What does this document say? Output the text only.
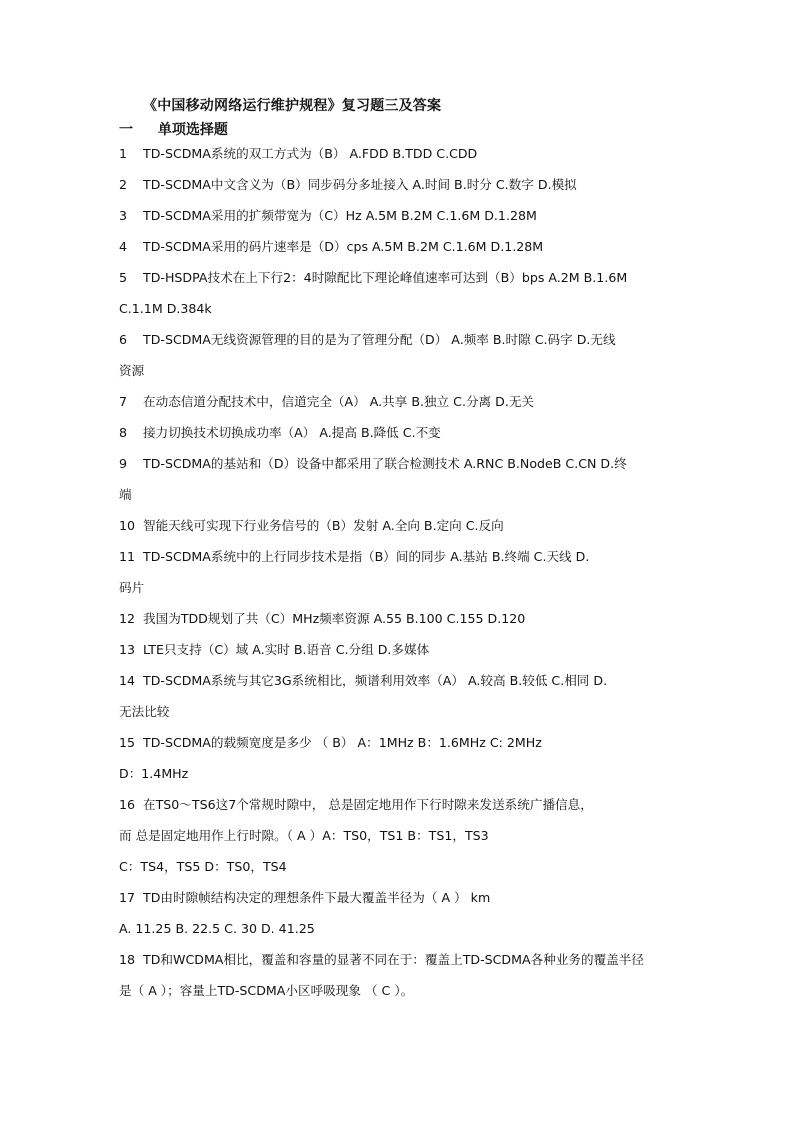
《中国移动网络运行维护规程》复习题三及答案
一 单项选择题
1 TD-SCDMA系统的双工方式为（B） A.FDD B.TDD C.CDD
2 TD-SCDMA中文含义为（B）同步码分多址接入 A.时间 B.时分 C.数字 D.模拟
3 TD-SCDMA采用的扩频带宽为（C）Hz A.5M B.2M C.1.6M D.1.28M
4 TD-SCDMA采用的码片速率是（D）cps A.5M B.2M C.1.6M D.1.28M
5 TD-HSDPA技术在上下行2：4时隙配比下理论峰值速率可达到（B）bps A.2M B.1.6M
C.1.1M D.384k
6 TD-SCDMA无线资源管理的目的是为了管理分配（D） A.频率 B.时隙 C.码字 D.无线
资源
7 在动态信道分配技术中，信道完全（A） A.共享 B.独立 C.分离 D.无关
8 接力切换技术切换成功率（A） A.提高 B.降低 C.不变
9 TD-SCDMA的基站和（D）设备中都采用了联合检测技术 A.RNC B.NodeB C.CN D.终
端
10 智能天线可实现下行业务信号的（B）发射 A.全向 B.定向 C.反向
11 TD-SCDMA系统中的上行同步技术是指（B）间的同步 A.基站 B.终端 C.天线 D.
码片
12 我国为TDD规划了共（C）MHz频率资源 A.55 B.100 C.155 D.120
13 LTE只支持（C）域 A.实时 B.语音 C.分组 D.多媒体
14 TD-SCDMA系统与其它3G系统相比，频谱利用效率（A） A.较高 B.较低 C.相同 D.
无法比较
15 TD-SCDMA的载频宽度是多少 （ B） A：1MHz B：1.6MHz C: 2MHz
D：1.4MHz
16 在TS0～TS6这7个常规时隙中， 总是固定地用作下行时隙来发送系统广播信息，
而 总是固定地用作上行时隙。（ A ）A：TS0，TS1 B：TS1，TS3
C：TS4，TS5 D：TS0，TS4
17 TD由时隙帧结构决定的理想条件下最大覆盖半径为（ A ） km
A. 11.25 B. 22.5 C. 30 D. 41.25
18 TD和WCDMA相比，覆盖和容量的显著不同在于：覆盖上TD-SCDMA各种业务的覆盖半径
是（ A ）；容量上TD-SCDMA小区呼吸现象 （ C ）。
